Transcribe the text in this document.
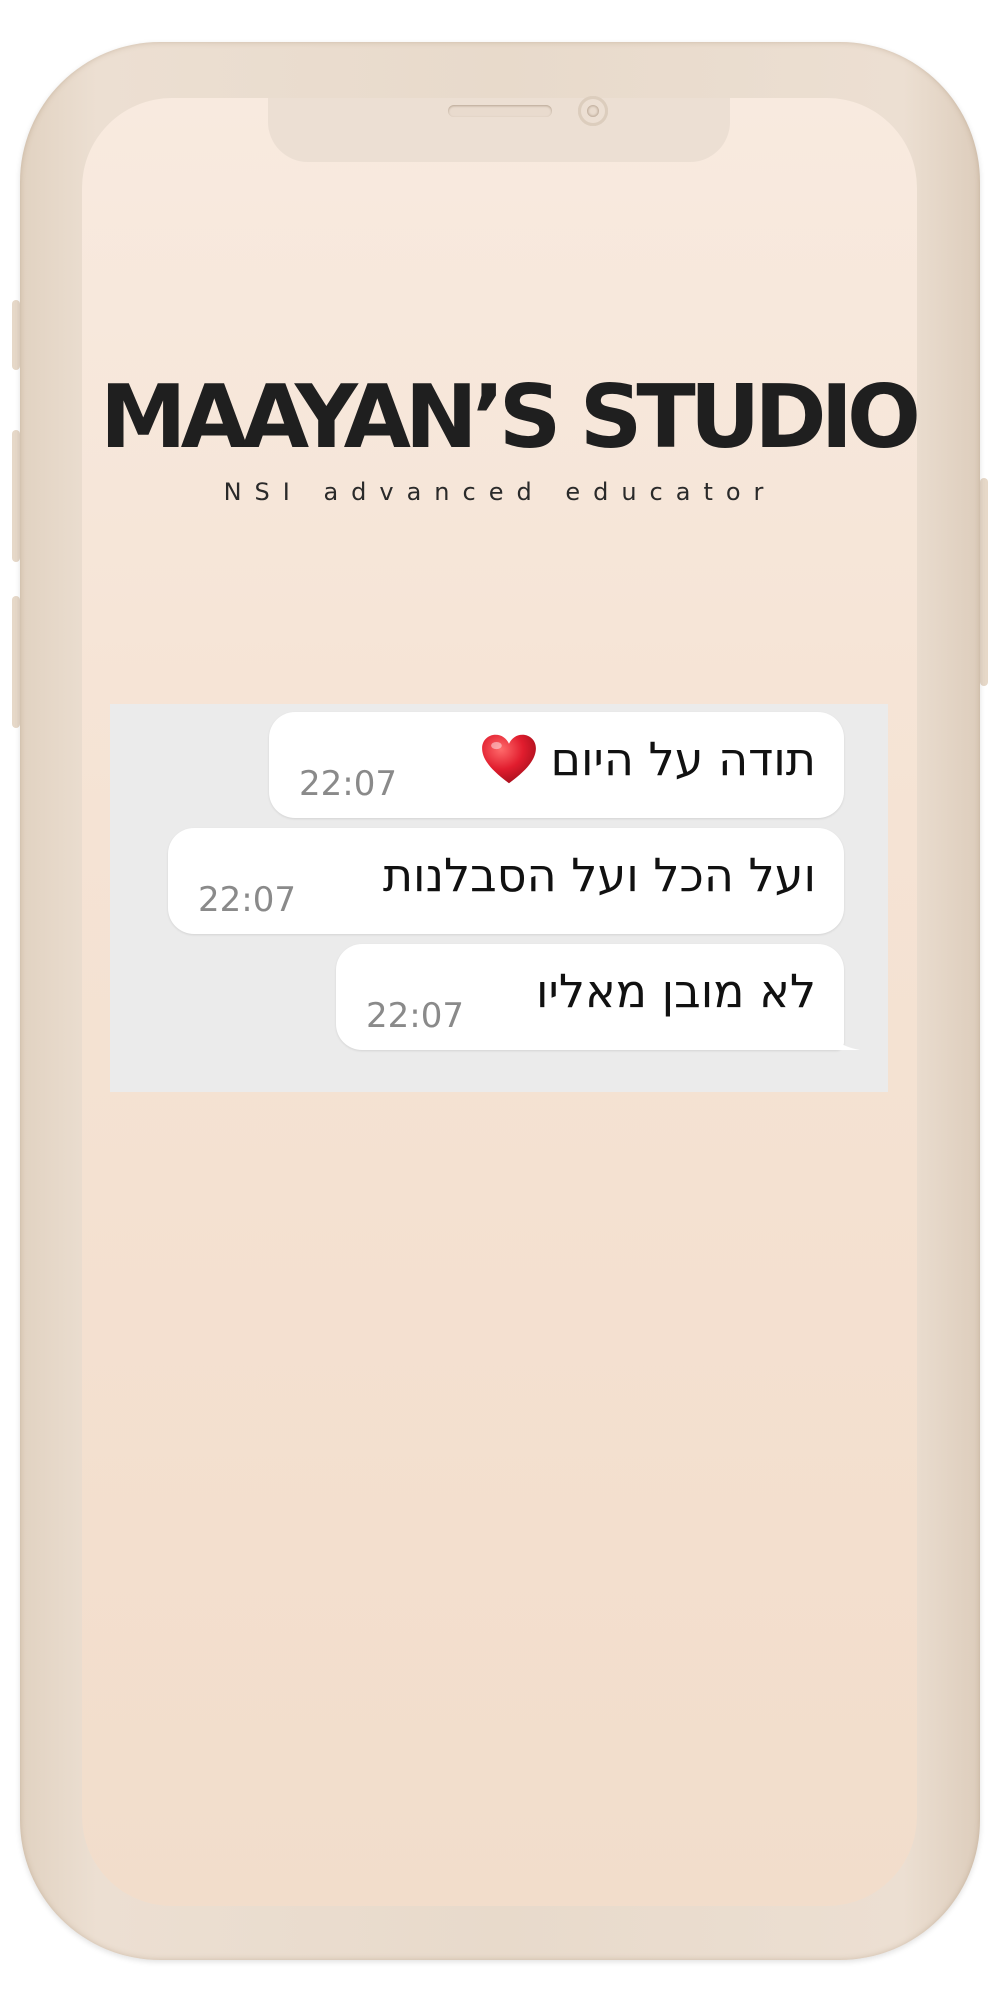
MAAYAN’S STUDIO
NSI advanced educator
תודה על היום
22:07
ועל הכל ועל הסבלנות
22:07
לא מובן מאליו
22:07
